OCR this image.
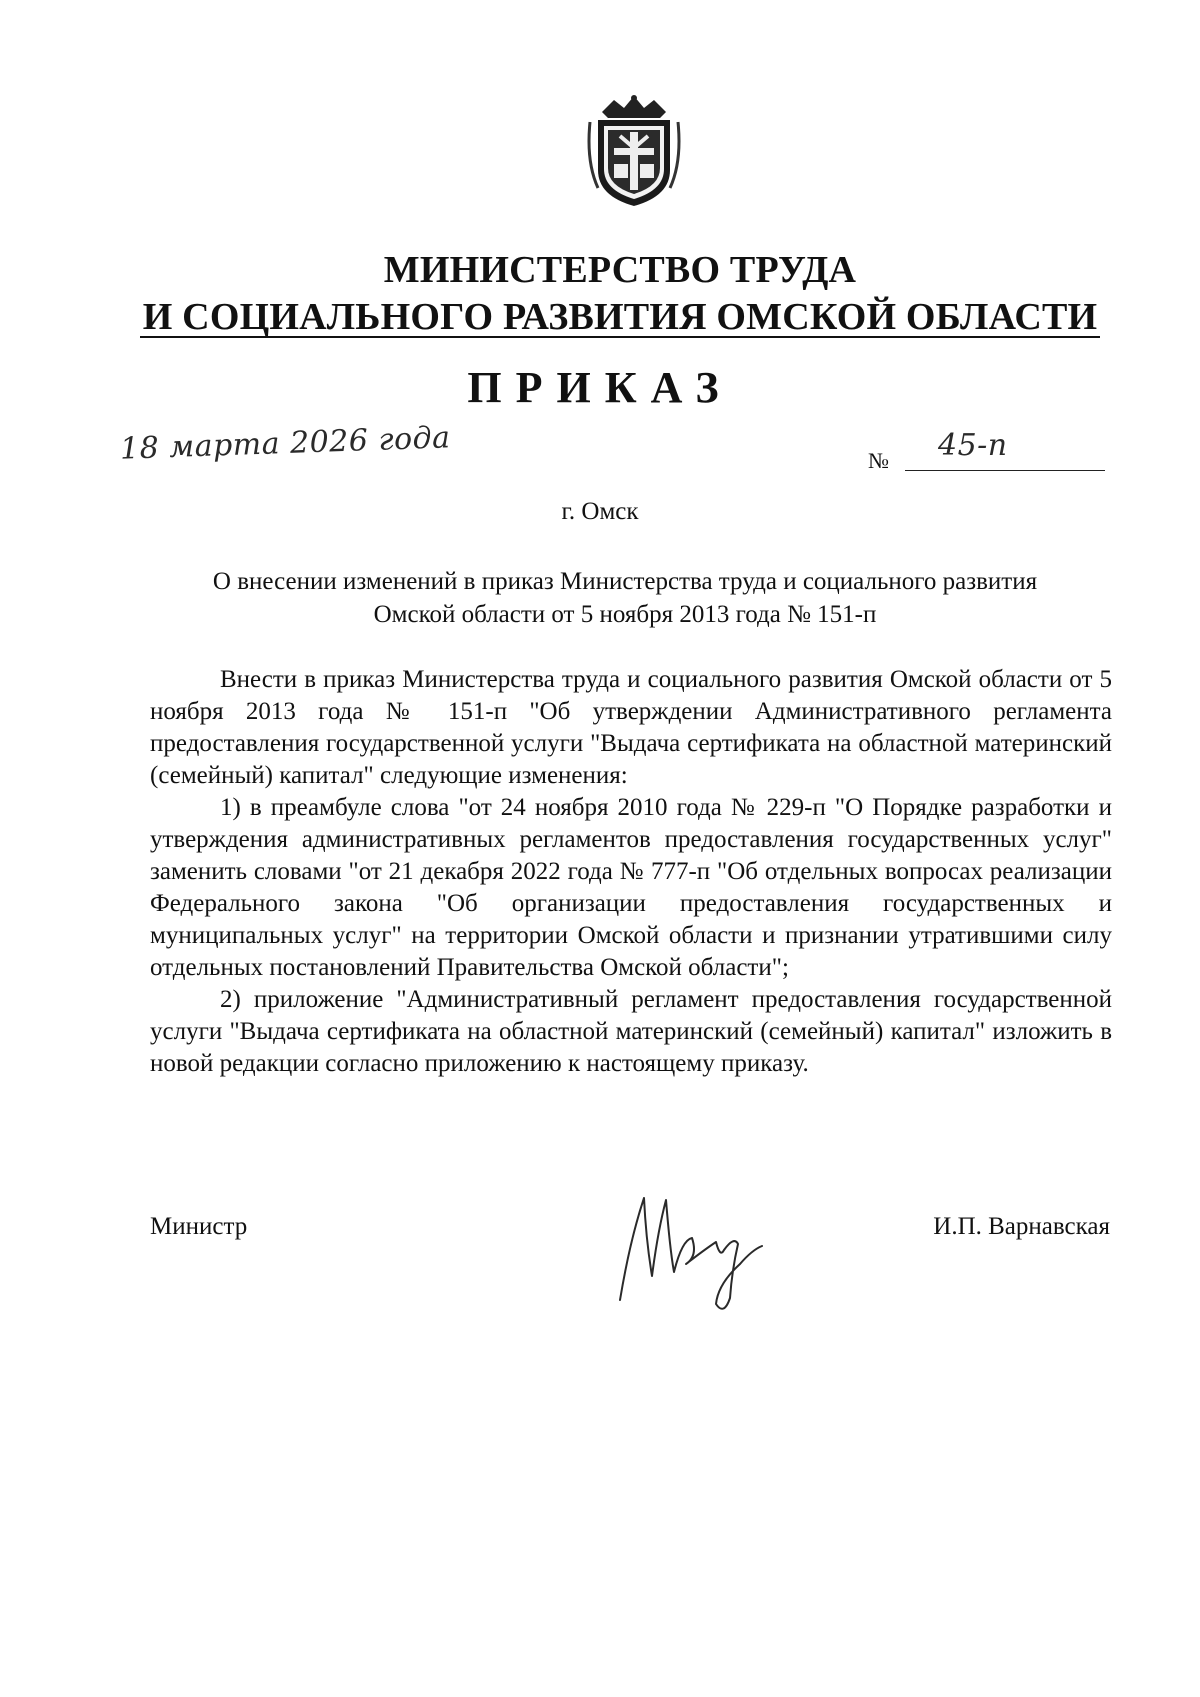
МИНИСТЕРСТВО ТРУДА
И СОЦИАЛЬНОГО РАЗВИТИЯ ОМСКОЙ ОБЛАСТИ
ПРИКАЗ
18 марта 2026 года	№ 45-п
г. Омск
О внесении изменений в приказ Министерства труда и социального развития
Омской области от 5 ноября 2013 года № 151-п

Внести в приказ Министерства труда и социального развития Омской области от 5 ноября 2013 года № 151-п "Об утверждении Административного регламента предоставления государственной услуги "Выдача сертификата на областной материнский (семейный) капитал" следующие изменения:

1) в преамбуле слова "от 24 ноября 2010 года № 229-п "О Порядке разработки и утверждения административных регламентов предоставления государственных услуг" заменить словами "от 21 декабря 2022 года № 777-п "Об отдельных вопросах реализации Федерального закона "Об организации предоставления государственных и муниципальных услуг" на территории Омской области и признании утратившими силу отдельных постановлений Правительства Омской области";

2) приложение "Административный регламент предоставления государственной услуги "Выдача сертификата на областной материнский (семейный) капитал" изложить в новой редакции согласно приложению к настоящему приказу.

Министр	И.П. Варнавская
